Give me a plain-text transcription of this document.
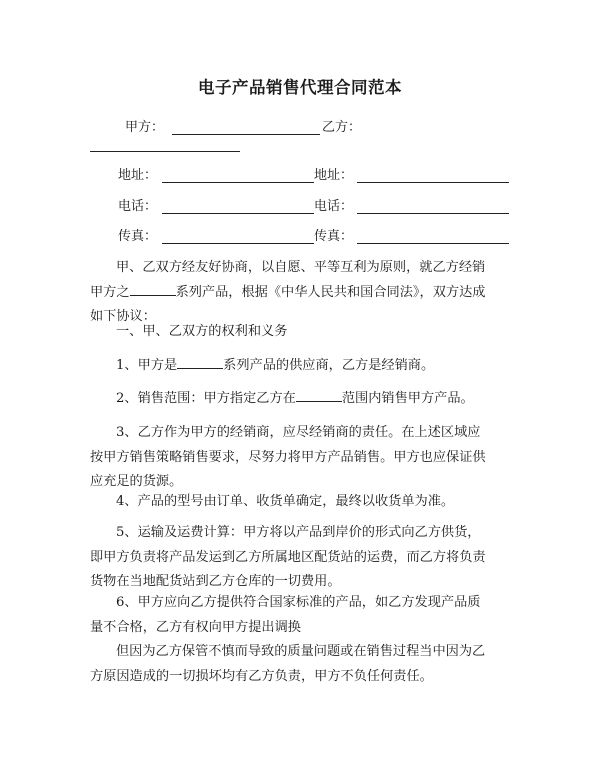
电子产品销售代理合同范本
甲方：	乙方：
地址：	地址：
电话：	电话：
传真：	传真：
甲、乙双方经友好协商，以自愿、平等互利为原则，就乙方经销
甲方之	系列产品，根据《中华人民共和国合同法》，双方达成
如下协议：
一、甲、乙双方的权利和义务
1、甲方是	系列产品的供应商，乙方是经销商。
2、销售范围：甲方指定乙方在	范围内销售甲方产品。
3、乙方作为甲方的经销商，应尽经销商的责任。在上述区域应
按甲方销售策略销售要求，尽努力将甲方产品销售。甲方也应保证供
应充足的货源。
4、产品的型号由订单、收货单确定，最终以收货单为准。
5、运输及运费计算：甲方将以产品到岸价的形式向乙方供货，
即甲方负责将产品发运到乙方所属地区配货站的运费，而乙方将负责
货物在当地配货站到乙方仓库的一切费用。
6、甲方应向乙方提供符合国家标准的产品，如乙方发现产品质
量不合格，乙方有权向甲方提出调换
但因为乙方保管不慎而导致的质量问题或在销售过程当中因为乙
方原因造成的一切损坏均有乙方负责，甲方不负任何责任。
